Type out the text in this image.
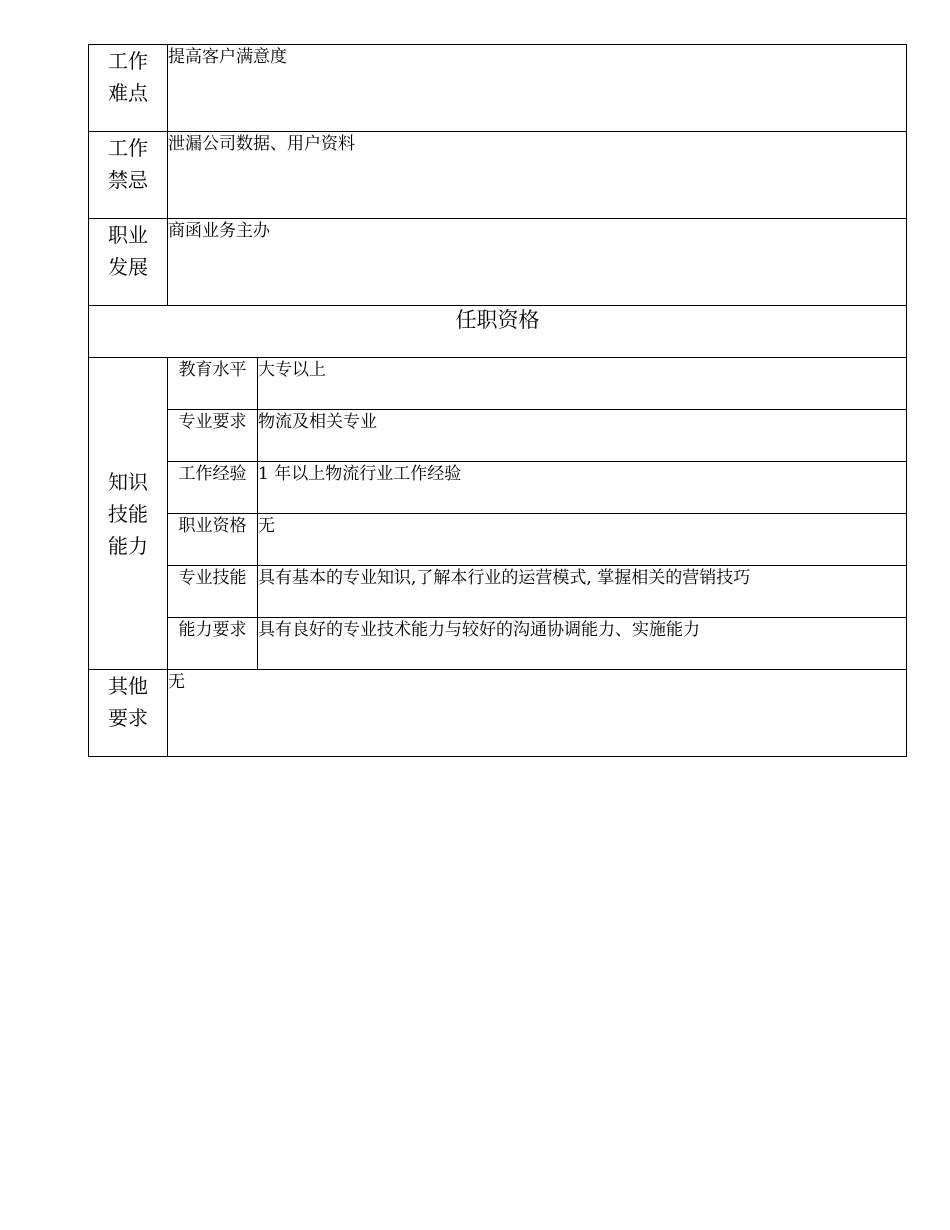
工作
难点	提高客户满意度	

工作
禁忌	泄漏公司数据、用户资料	

职业
发展	商函业务主办	
任职资格		

知识
技能
能力	教育水平	大专以上
	专业要求	物流及相关专业
	工作经验	1 年以上物流行业工作经验
	职业资格	无
	专业技能	具有基本的专业知识,了解本行业的运营模式, 掌握相关的营销技巧
	能力要求	具有良好的专业技术能力与较好的沟通协调能力、实施能力

其他
要求	无	
